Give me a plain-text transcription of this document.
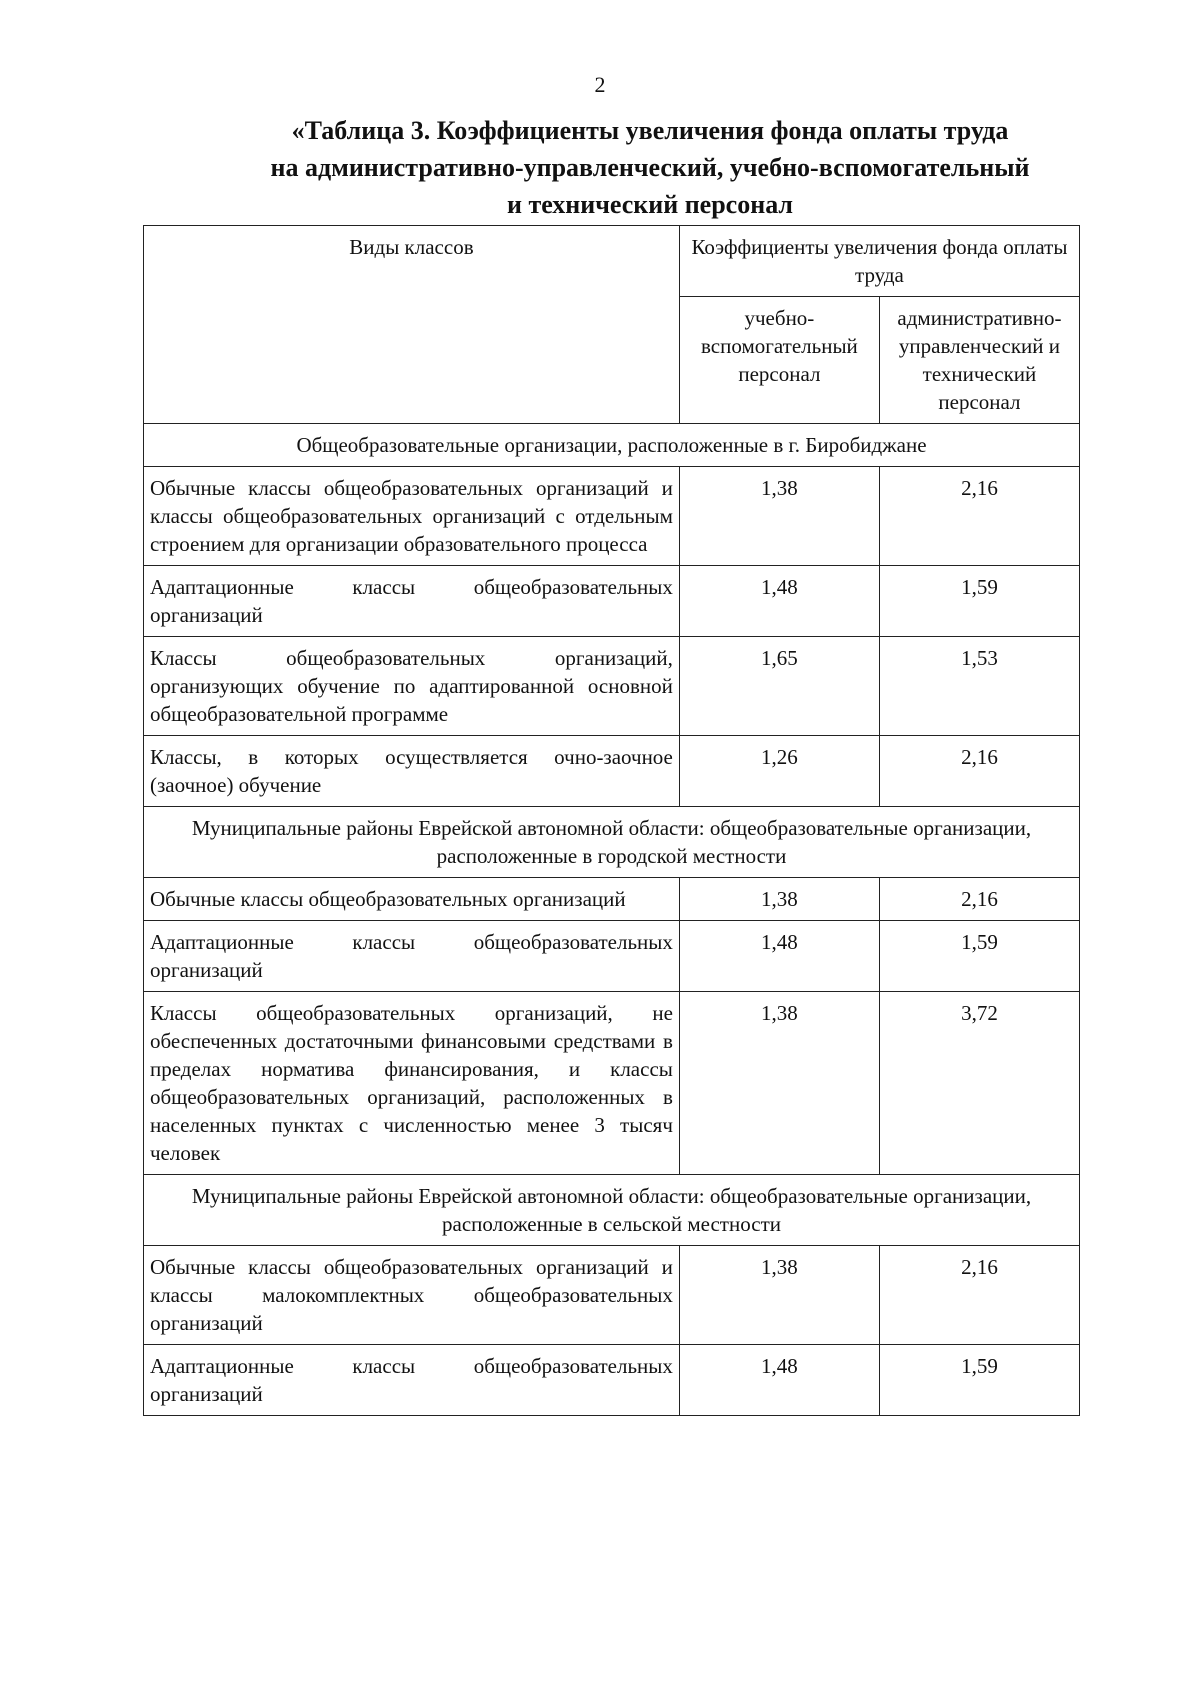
2
«Таблица 3. Коэффициенты увеличения фонда оплаты труда
на административно-управленческий, учебно-вспомогательный
и технический персонал
Виды классов	Коэффициенты увеличения фонда оплаты труда	
	учебно-вспомогательный персонал	административно-управленческий и технический персонал
Общеобразовательные организации, расположенные в г. Биробиджане		
Обычные классы общеобразовательных организаций и классы общеобразовательных организаций с отдельным строением для организации образовательного процесса	1,38	2,16
Адаптационные классы общеобразовательных организаций	1,48	1,59
Классы общеобразовательных организаций, организующих обучение по адаптированной основной общеобразовательной программе	1,65	1,53
Классы, в которых осуществляется очно-заочное (заочное) обучение	1,26	2,16
Муниципальные районы Еврейской автономной области: общеобразовательные организации, расположенные в городской местности		
Обычные классы общеобразовательных организаций	1,38	2,16
Адаптационные классы общеобразовательных организаций	1,48	1,59
Классы общеобразовательных организаций, не обеспеченных достаточными финансовыми средствами в пределах норматива финансирования, и классы общеобразовательных организаций, расположенных в населенных пунктах с численностью менее 3 тысяч человек	1,38	3,72
Муниципальные районы Еврейской автономной области: общеобразовательные организации, расположенные в сельской местности		
Обычные классы общеобразовательных организаций и классы малокомплектных общеобразовательных организаций	1,38	2,16
Адаптационные классы общеобразовательных организаций	1,48	1,59
